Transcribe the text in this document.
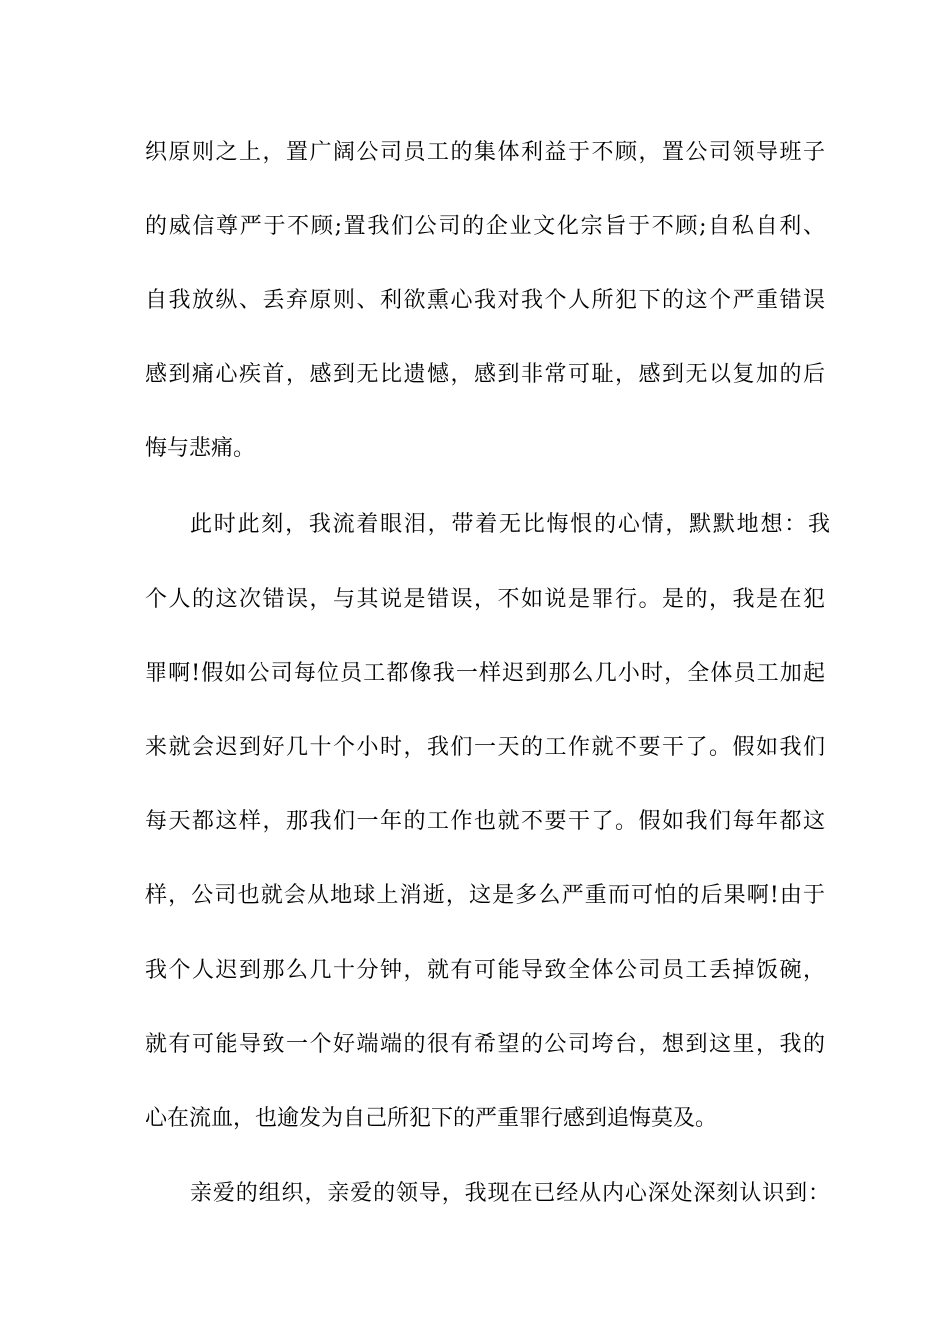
织原则之上，置广阔公司员工的集体利益于不顾，置公司领导班子
的威信尊严于不顾;置我们公司的企业文化宗旨于不顾;自私自利、
自我放纵、丢弃原则、利欲熏心我对我个人所犯下的这个严重错误
感到痛心疾首，感到无比遗憾，感到非常可耻，感到无以复加的后
悔与悲痛。
此时此刻，我流着眼泪，带着无比悔恨的心情，默默地想：我
个人的这次错误，与其说是错误，不如说是罪行。是的，我是在犯
罪啊!假如公司每位员工都像我一样迟到那么几小时，全体员工加起
来就会迟到好几十个小时，我们一天的工作就不要干了。假如我们
每天都这样，那我们一年的工作也就不要干了。假如我们每年都这
样，公司也就会从地球上消逝，这是多么严重而可怕的后果啊!由于
我个人迟到那么几十分钟，就有可能导致全体公司员工丢掉饭碗，
就有可能导致一个好端端的很有希望的公司垮台，想到这里，我的
心在流血，也逾发为自己所犯下的严重罪行感到追悔莫及。
亲爱的组织，亲爱的领导，我现在已经从内心深处深刻认识到：
